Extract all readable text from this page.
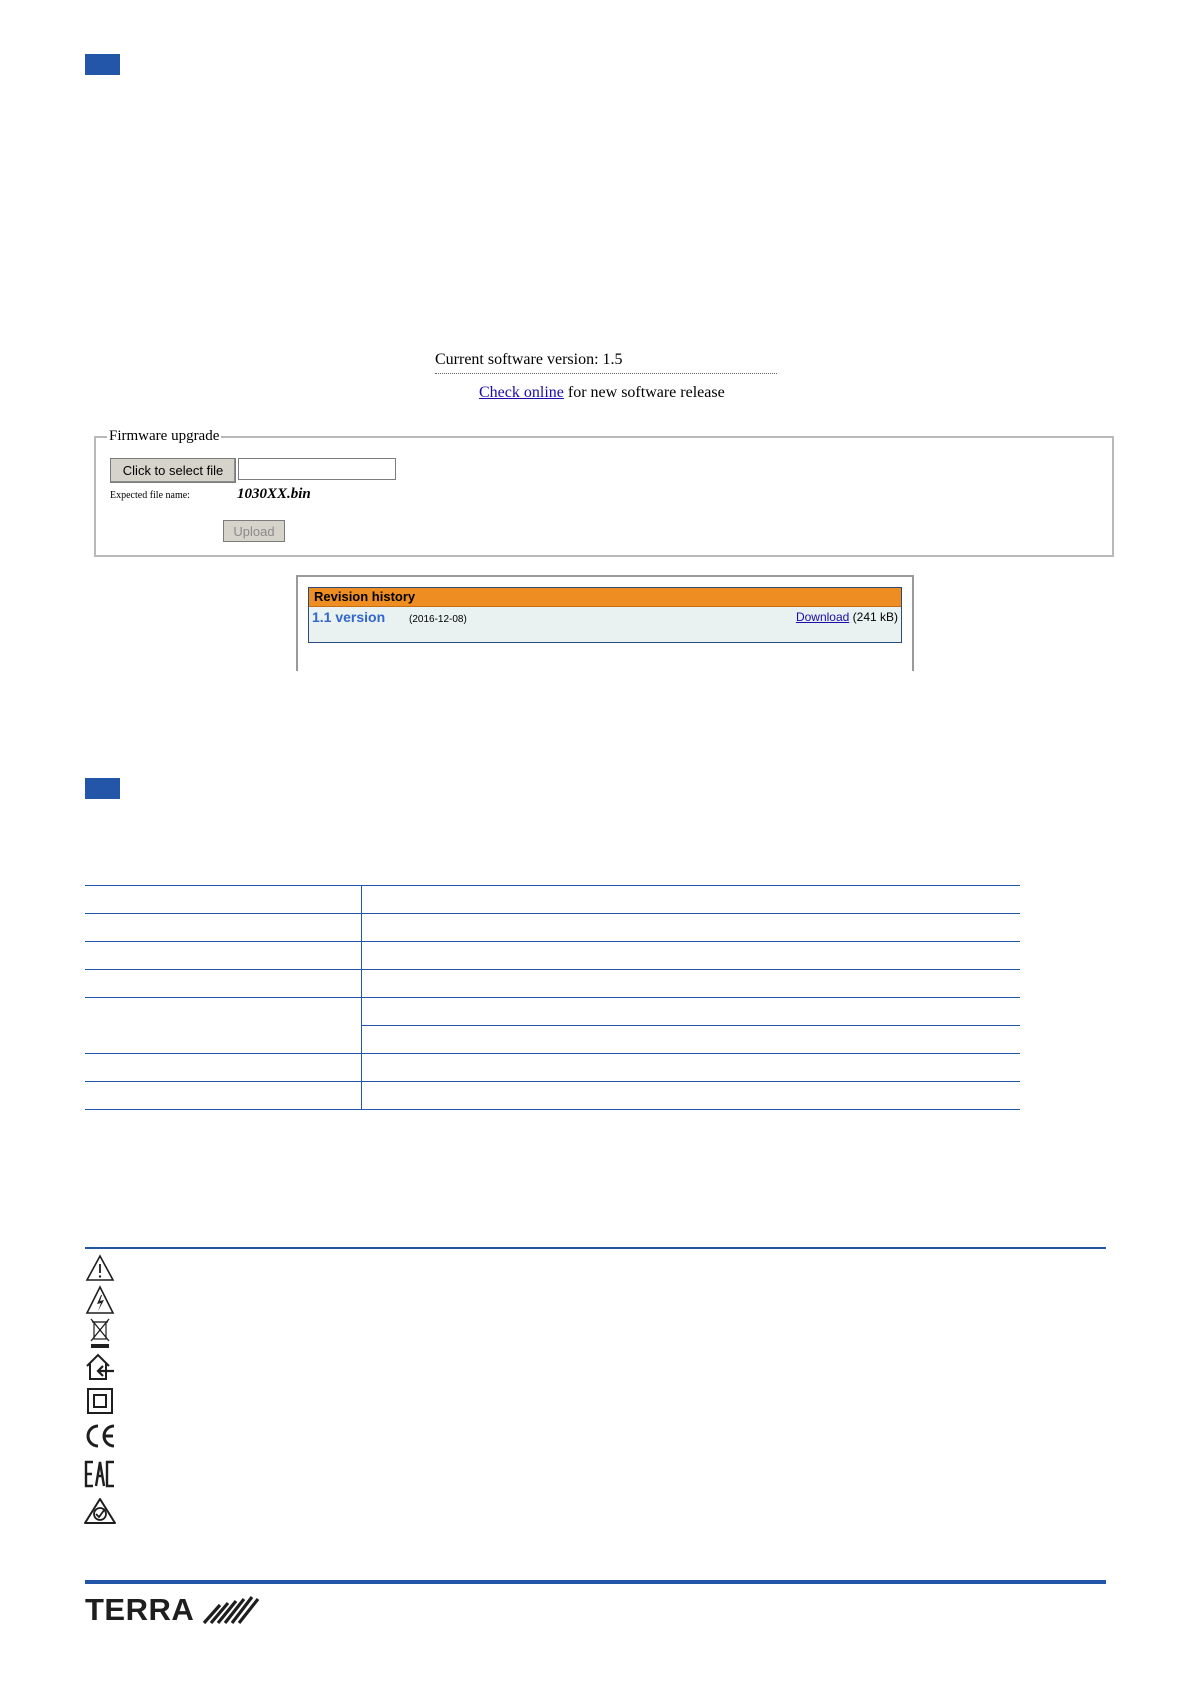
Current software version: 1.5
Check online for new software release
Firmware upgrade
Click to select file
Expected file name:	1030XX.bin
Upload
Revision history
1.1 version (2016-12-08)	Download (241 kB)

TERRA
